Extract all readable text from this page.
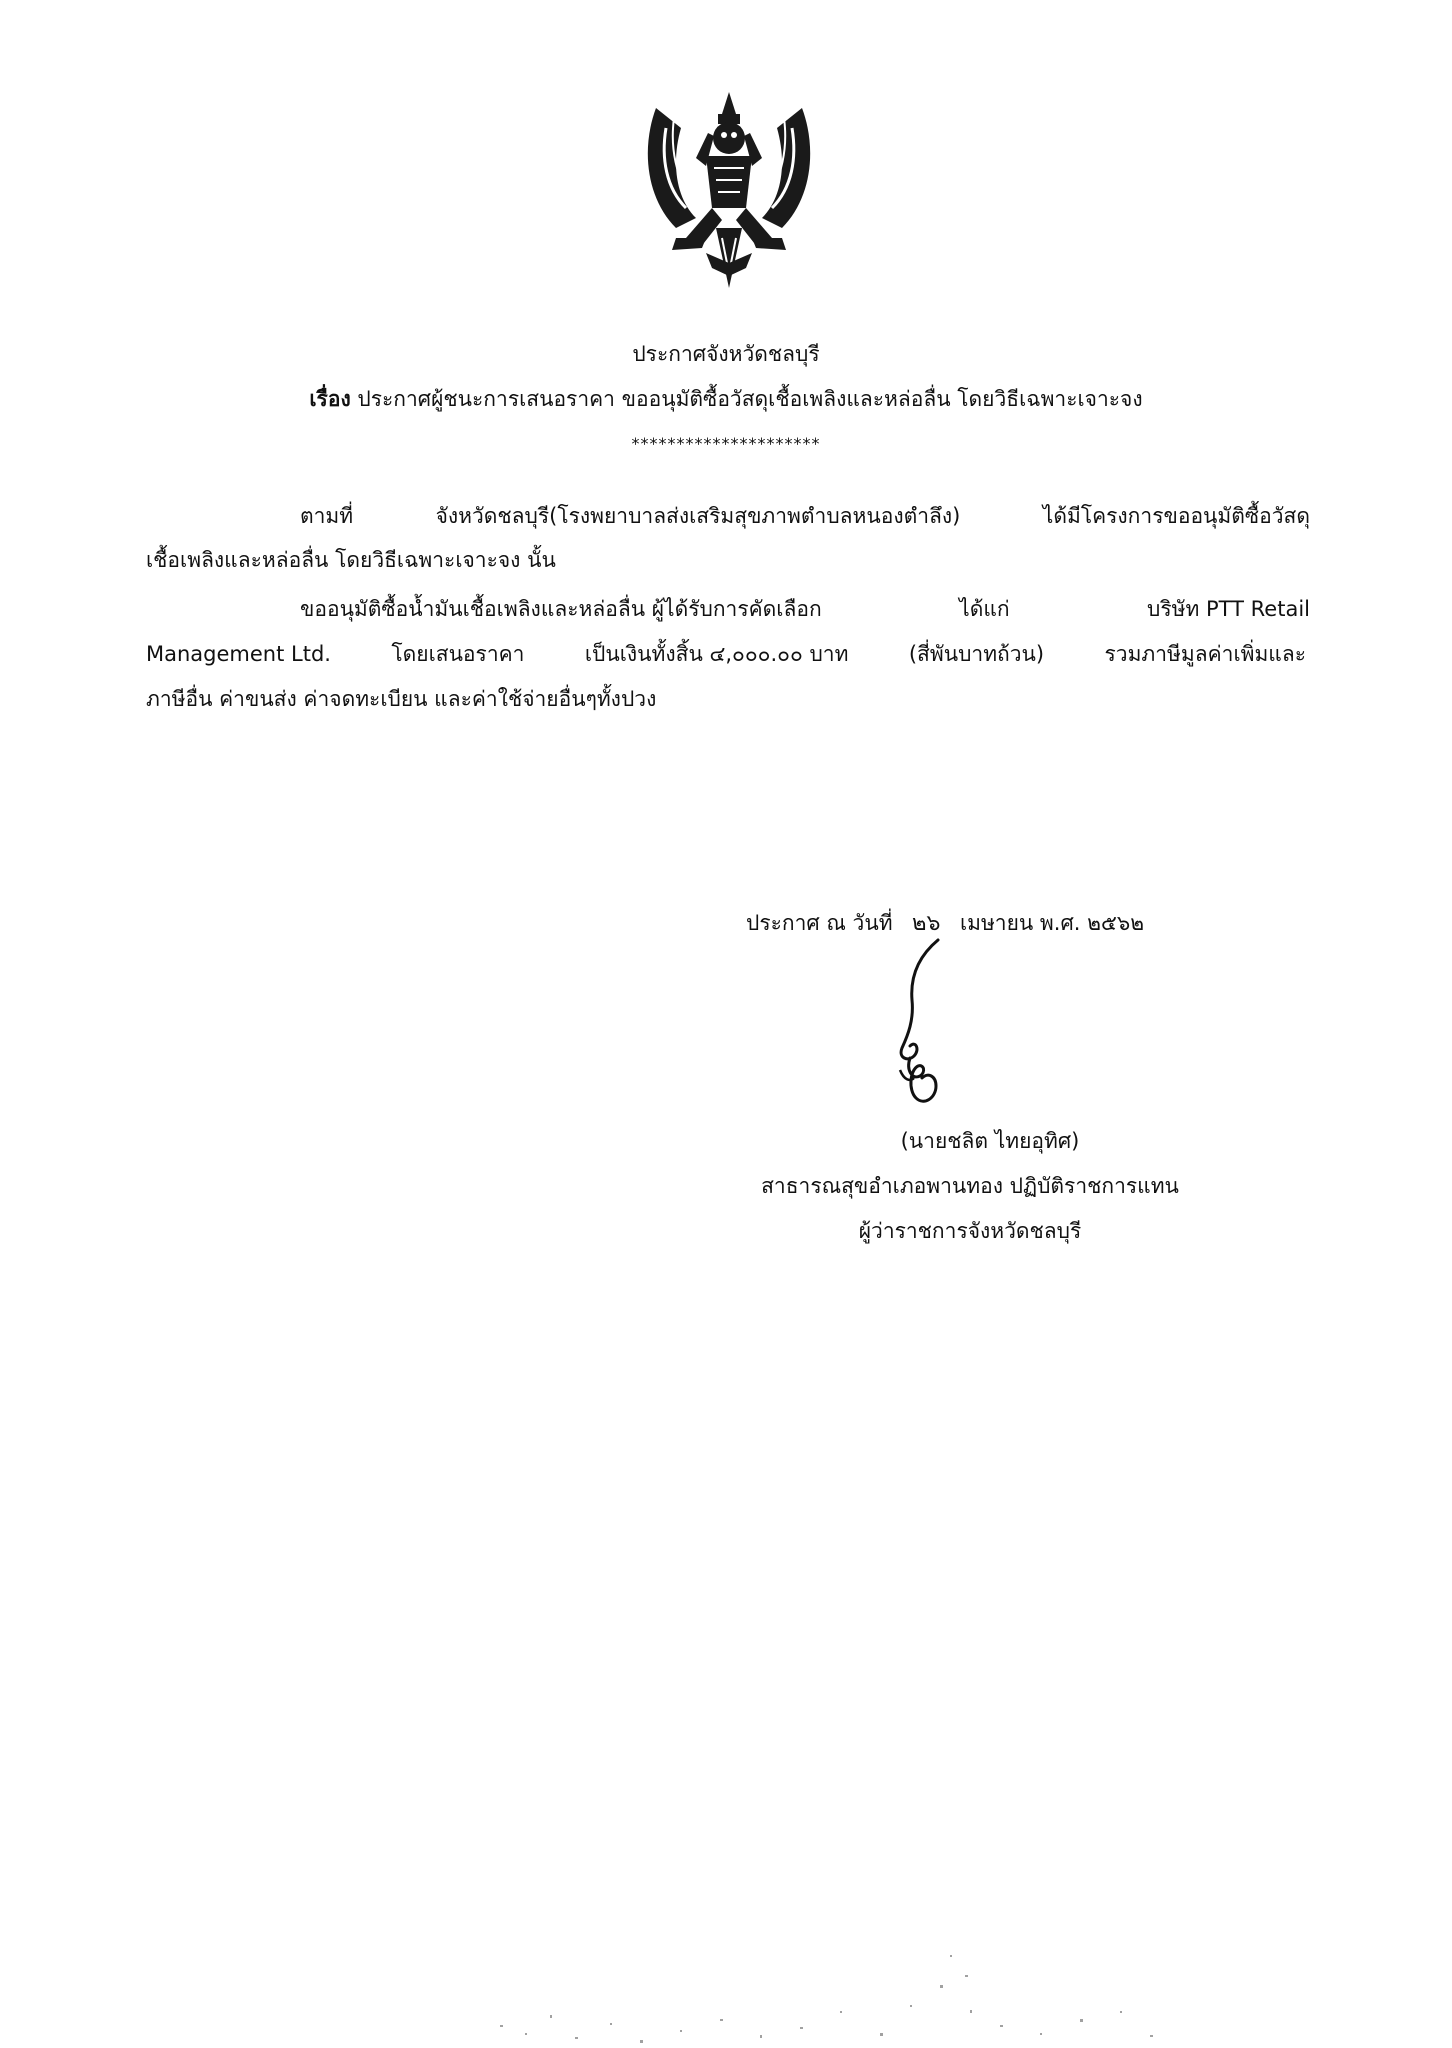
ประกาศจังหวัดชลบุรี
เรื่อง ประกาศผู้ชนะการเสนอราคา ขออนุมัติซื้อวัสดุเชื้อเพลิงและหล่อลื่น โดยวิธีเฉพาะเจาะจง
*********************
ตามที่	จังหวัดชลบุรี(โรงพยาบาลส่งเสริมสุขภาพตำบลหนองตำลึง)	ได้มีโครงการขออนุมัติซื้อวัสดุ
เชื้อเพลิงและหล่อลื่น โดยวิธีเฉพาะเจาะจง นั้น
ขออนุมัติซื้อน้ำมันเชื้อเพลิงและหล่อลื่น ผู้ได้รับการคัดเลือก	ได้แก่	บริษัท PTT Retail
Management Ltd.	โดยเสนอราคา	เป็นเงินทั้งสิ้น ๔,๐๐๐.๐๐ บาท	(สี่พันบาทถ้วน)	รวมภาษีมูลค่าเพิ่มและ
ภาษีอื่น ค่าขนส่ง ค่าจดทะเบียน และค่าใช้จ่ายอื่นๆทั้งปวง
ประกาศ ณ วันที่ ๒๖ เมษายน พ.ศ. ๒๕๖๒
(นายชลิต ไทยอุทิศ)
สาธารณสุขอำเภอพานทอง ปฏิบัติราชการแทน
ผู้ว่าราชการจังหวัดชลบุรี
